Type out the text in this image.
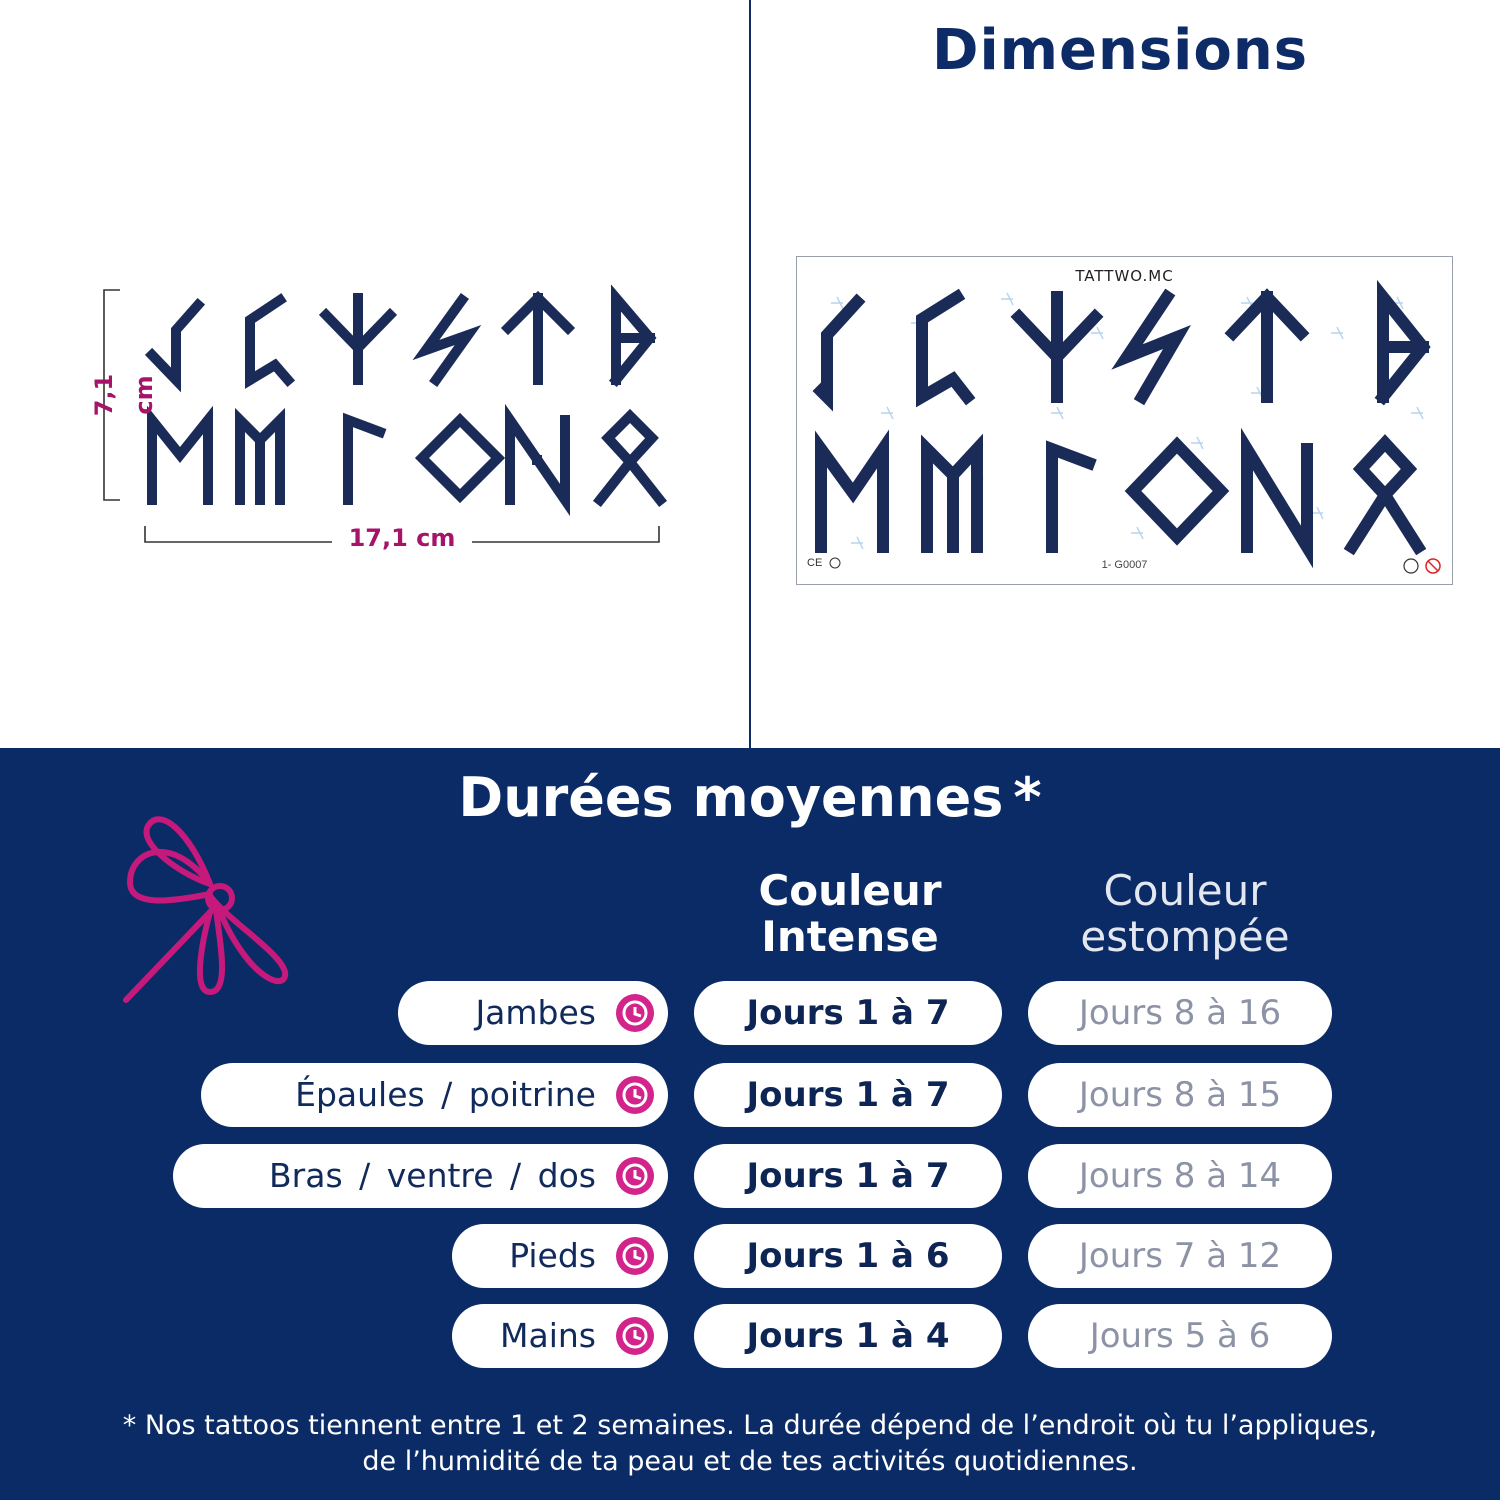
Dimensions
7,1 cm
17,1 cm
TATTWO.MC
CE	1- G0007
Durées moyennes *
Couleur
Intense
Couleur
estompée
Jambes	Jours 1 à 7	Jours 8 à 16
Épaules / poitrine	Jours 1 à 7	Jours 8 à 15
Bras / ventre / dos	Jours 1 à 7	Jours 8 à 14
Pieds	Jours 1 à 6	Jours 7 à 12
Mains	Jours 1 à 4	Jours 5 à 6
* Nos tattoos tiennent entre 1 et 2 semaines. La durée dépend de l’endroit où tu l’appliques,
de l’humidité de ta peau et de tes activités quotidiennes.
